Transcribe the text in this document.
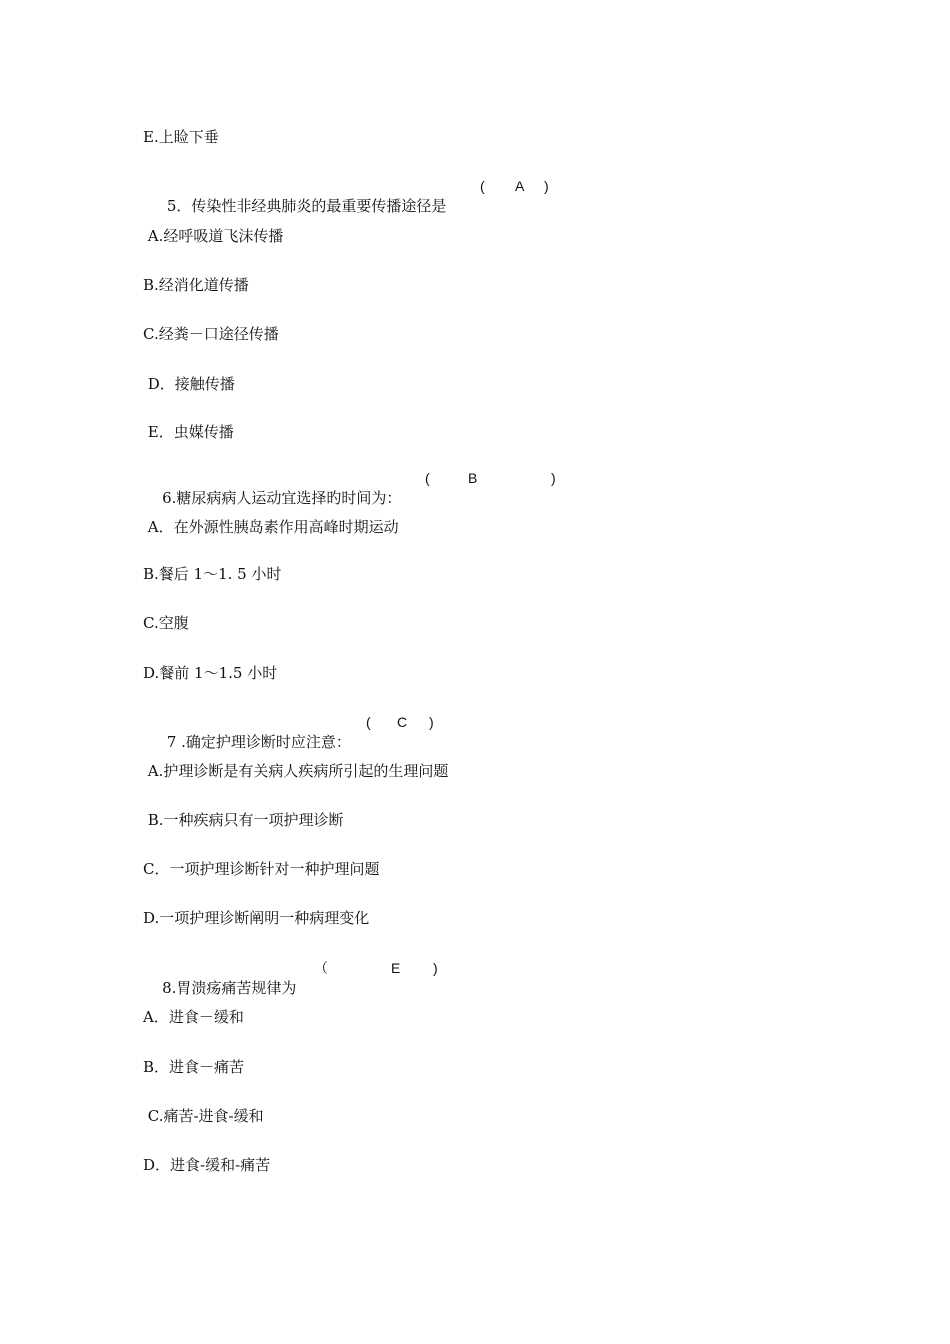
E.上睑下垂

5．传染性非经典肺炎的最重要传播途径是

(

A

)

A.经呼吸道飞沫传播
B.经消化道传播
C.经粪－口途径传播
D．接触传播
E．虫媒传播

6.糖尿病病人运动宜选择旳时间为：

(

	B

	)

A．在外源性胰岛素作用高峰时期运动
B.餐后 1～1. 5 小时
C.空腹
D.餐前 1～1.5 小时

7 .确定护理诊断时应注意：

(

C

)

A.护理诊断是有关病人疾病所引起的生理问题
B.一种疾病只有一项护理诊断
C．一项护理诊断针对一种护理问题
D.一项护理诊断阐明一种病理变化

8.胃溃疡痛苦规律为

（

	E

)

A．进食－缓和
B．进食－痛苦
C.痛苦-进食-缓和
D．进食-缓和-痛苦
